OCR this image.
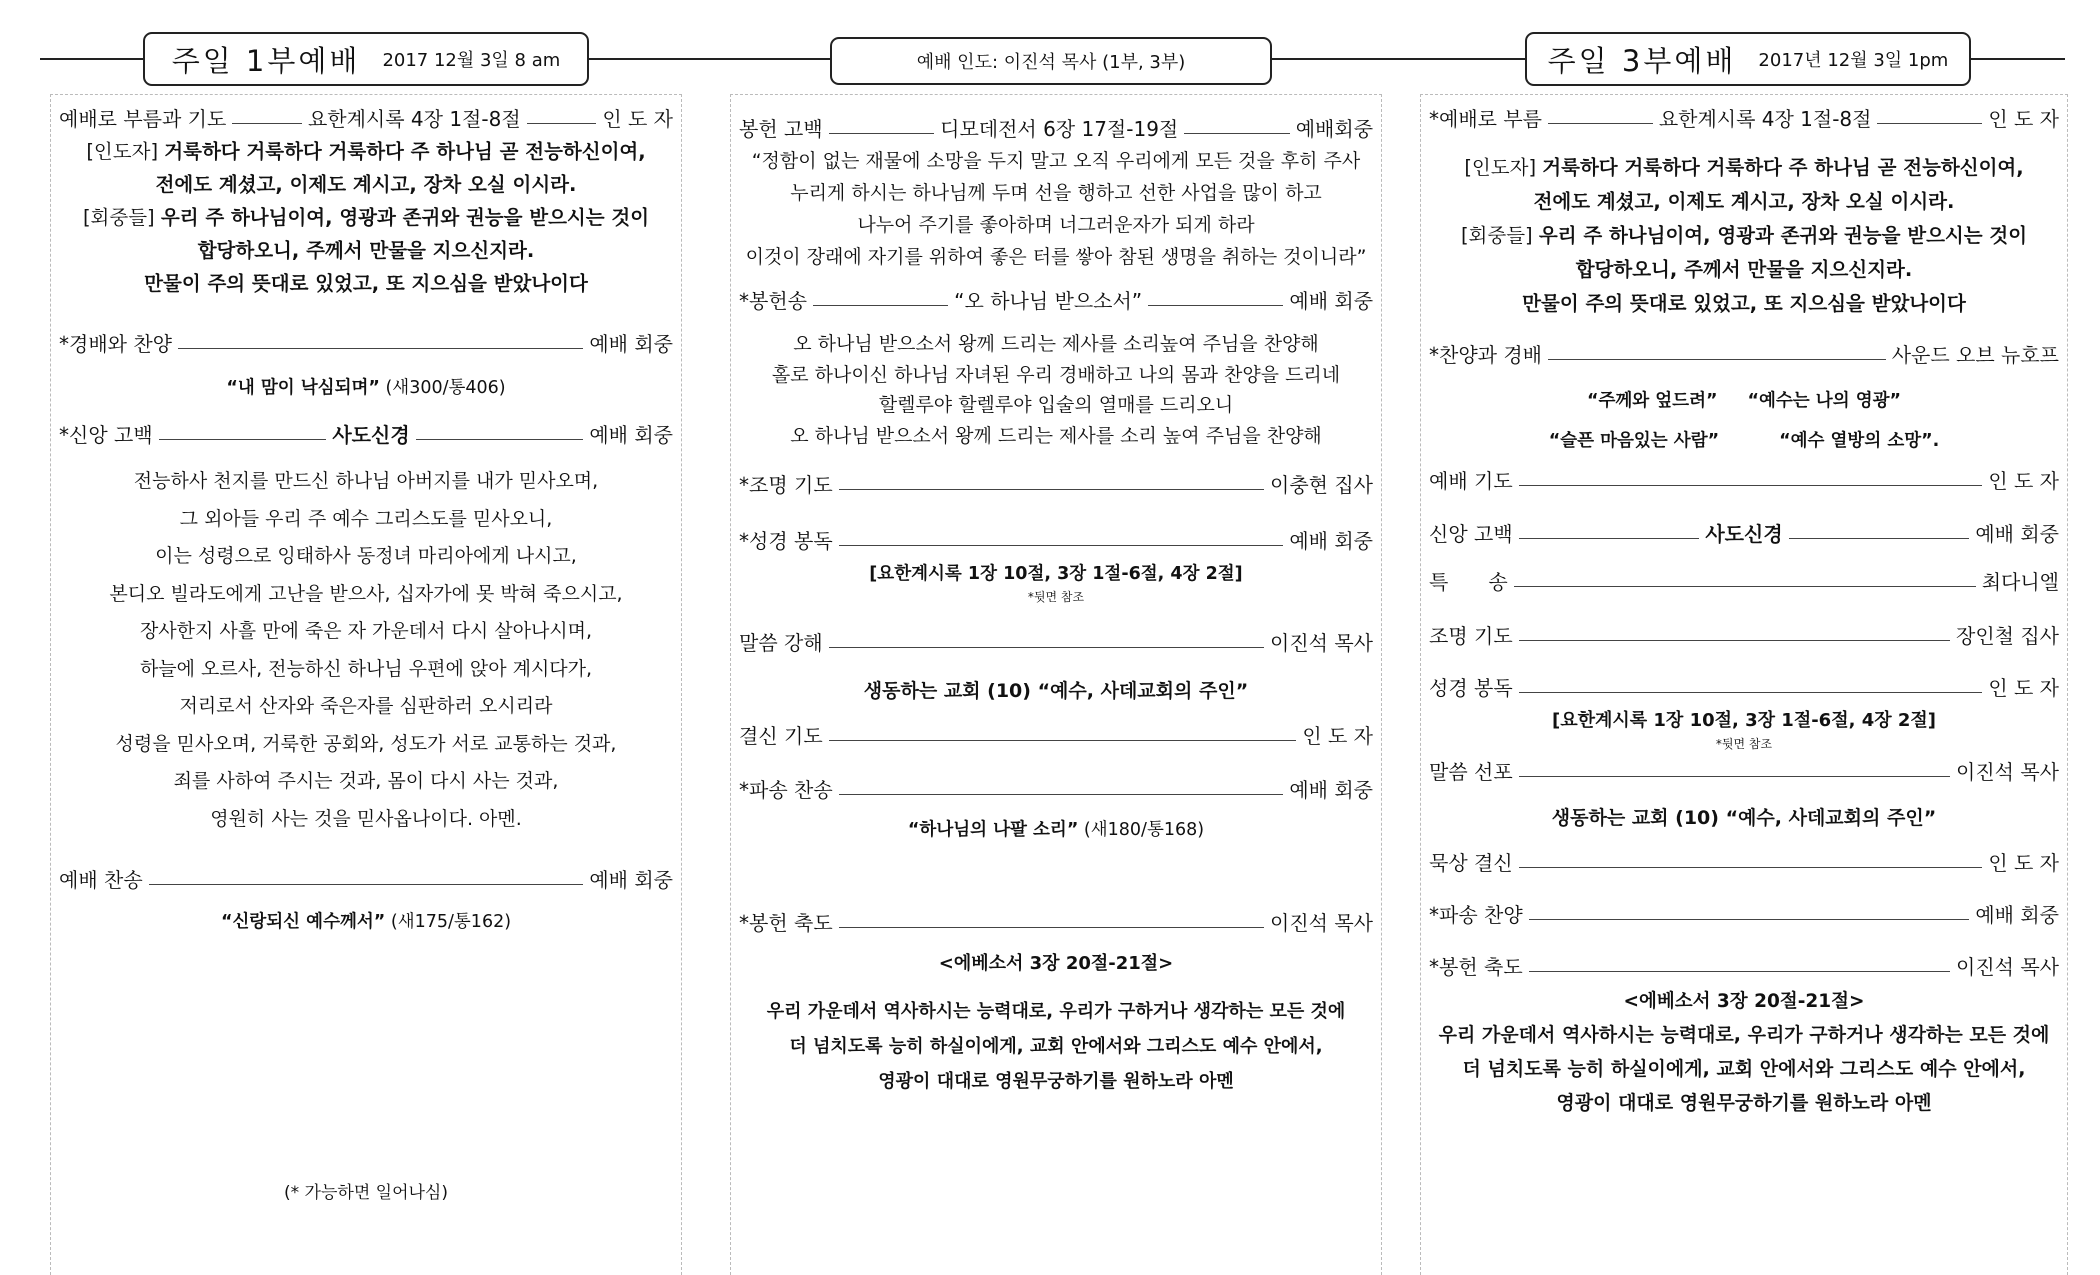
주일 1부예배 2017 12월 3일 8 am	예배 인도: 이진석 목사 (1부, 3부)	주일 3부예배 2017년 12월 3일 1pm
예배로 부름과 기도	요한계시록 4장 1절-8절	인 도 자
[인도자] 거룩하다 거룩하다 거룩하다 주 하나님 곧 전능하신이여,
전에도 계셨고, 이제도 계시고, 장차 오실 이시라.
[회중들] 우리 주 하나님이여, 영광과 존귀와 권능을 받으시는 것이
합당하오니, 주께서 만물을 지으신지라.
만물이 주의 뜻대로 있었고, 또 지으심을 받았나이다
*경배와 찬양	예배 회중
“내 맘이 낙심되며” (새300/통406)
*신앙 고백	사도신경	예배 회중
전능하사 천지를 만드신 하나님 아버지를 내가 믿사오며,
그 외아들 우리 주 예수 그리스도를 믿사오니,
이는 성령으로 잉태하사 동정녀 마리아에게 나시고,
본디오 빌라도에게 고난을 받으사, 십자가에 못 박혀 죽으시고,
장사한지 사흘 만에 죽은 자 가운데서 다시 살아나시며,
하늘에 오르사, 전능하신 하나님 우편에 앉아 계시다가,
저리로서 산자와 죽은자를 심판하러 오시리라
성령을 믿사오며, 거룩한 공회와, 성도가 서로 교통하는 것과,
죄를 사하여 주시는 것과, 몸이 다시 사는 것과,
영원히 사는 것을 믿사옵나이다. 아멘.
예배 찬송	예배 회중
“신랑되신 예수께서” (새175/통162)
(* 가능하면 일어나심)
봉헌 고백	디모데전서 6장 17절-19절	예배회중
“정함이 없는 재물에 소망을 두지 말고 오직 우리에게 모든 것을 후히 주사
누리게 하시는 하나님께 두며 선을 행하고 선한 사업을 많이 하고
나누어 주기를 좋아하며 너그러운자가 되게 하라
이것이 장래에 자기를 위하여 좋은 터를 쌓아 참된 생명을 취하는 것이니라”
*봉헌송	“오 하나님 받으소서”	예배 회중
오 하나님 받으소서 왕께 드리는 제사를 소리높여 주님을 찬양해
홀로 하나이신 하나님 자녀된 우리 경배하고 나의 몸과 찬양을 드리네
할렐루야 할렐루야 입술의 열매를 드리오니
오 하나님 받으소서 왕께 드리는 제사를 소리 높여 주님을 찬양해
*조명 기도	이충현 집사
*성경 봉독	예배 회중
[요한계시록 1장 10절, 3장 1절-6절, 4장 2절]
*뒷면 참조
말씀 강해	이진석 목사
생동하는 교회 (10) “예수, 사데교회의 주인”
결신 기도	인 도 자
*파송 찬송	예배 회중
“하나님의 나팔 소리” (새180/통168)
*봉헌 축도	이진석 목사
<에베소서 3장 20절-21절>
우리 가운데서 역사하시는 능력대로, 우리가 구하거나 생각하는 모든 것에
더 넘치도록 능히 하실이에게, 교회 안에서와 그리스도 예수 안에서,
영광이 대대로 영원무궁하기를 원하노라 아멘
*예배로 부름	요한계시록 4장 1절-8절	인 도 자
[인도자] 거룩하다 거룩하다 거룩하다 주 하나님 곧 전능하신이여,
전에도 계셨고, 이제도 계시고, 장차 오실 이시라.
[회중들] 우리 주 하나님이여, 영광과 존귀와 권능을 받으시는 것이
합당하오니, 주께서 만물을 지으신지라.
만물이 주의 뜻대로 있었고, 또 지으심을 받았나이다
*찬양과 경배	사운드 오브 뉴호프
“주께와 엎드려” “예수는 나의 영광”
“슬픈 마음있는 사람”	“예수 열방의 소망”.
예배 기도	인 도 자
신앙 고백	사도신경	예배 회중
특　　송	최다니엘
조명 기도	장인철 집사
성경 봉독	인 도 자
[요한계시록 1장 10절, 3장 1절-6절, 4장 2절]
*뒷면 참조
말씀 선포	이진석 목사
생동하는 교회 (10) “예수, 사데교회의 주인”
묵상 결신	인 도 자
*파송 찬양	예배 회중
*봉헌 축도	이진석 목사
<에베소서 3장 20절-21절>
우리 가운데서 역사하시는 능력대로, 우리가 구하거나 생각하는 모든 것에
더 넘치도록 능히 하실이에게, 교회 안에서와 그리스도 예수 안에서,
영광이 대대로 영원무궁하기를 원하노라 아멘
